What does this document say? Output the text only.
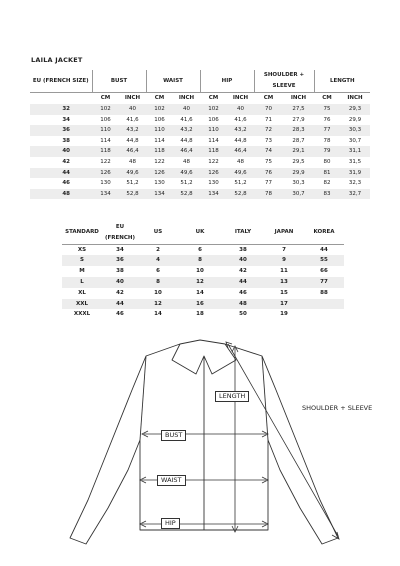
LAILA JACKET
EU (FRENCH SIZE)	BUST		WAIST		HIP		SHOULDER + SLEEVE		LENGTH	
	CM	INCH	CM	INCH	CM	INCH	CM	INCH	CM	INCH
32	102	40	102	40	102	40	70	27,5	75	29,3
34	106	41,6	106	41,6	106	41,6	71	27,9	76	29,9
36	110	43,2	110	43,2	110	43,2	72	28,3	77	30,3
38	114	44,8	114	44,8	114	44,8	73	28,7	78	30,7
40	118	46,4	118	46,4	118	46,4	74	29,1	79	31,1
42	122	48	122	48	122	48	75	29,5	80	31,5
44	126	49,6	126	49,6	126	49,6	76	29,9	81	31,9
46	130	51,2	130	51,2	130	51,2	77	30,3	82	32,3
48	134	52,8	134	52,8	134	52,8	78	30,7	83	32,7
STANDARD	EU (FRENCH)	US	UK	ITALY	JAPAN	KOREA
XS	34	2	6	38	7	44
S	36	4	8	40	9	55
M	38	6	10	42	11	66
L	40	8	12	44	13	77
XL	42	10	14	46	15	88
XXL	44	12	16	48	17	
XXXL	46	14	18	50	19	
LENGTH
SHOULDER + SLEEVE
BUST
WAIST
HIP
